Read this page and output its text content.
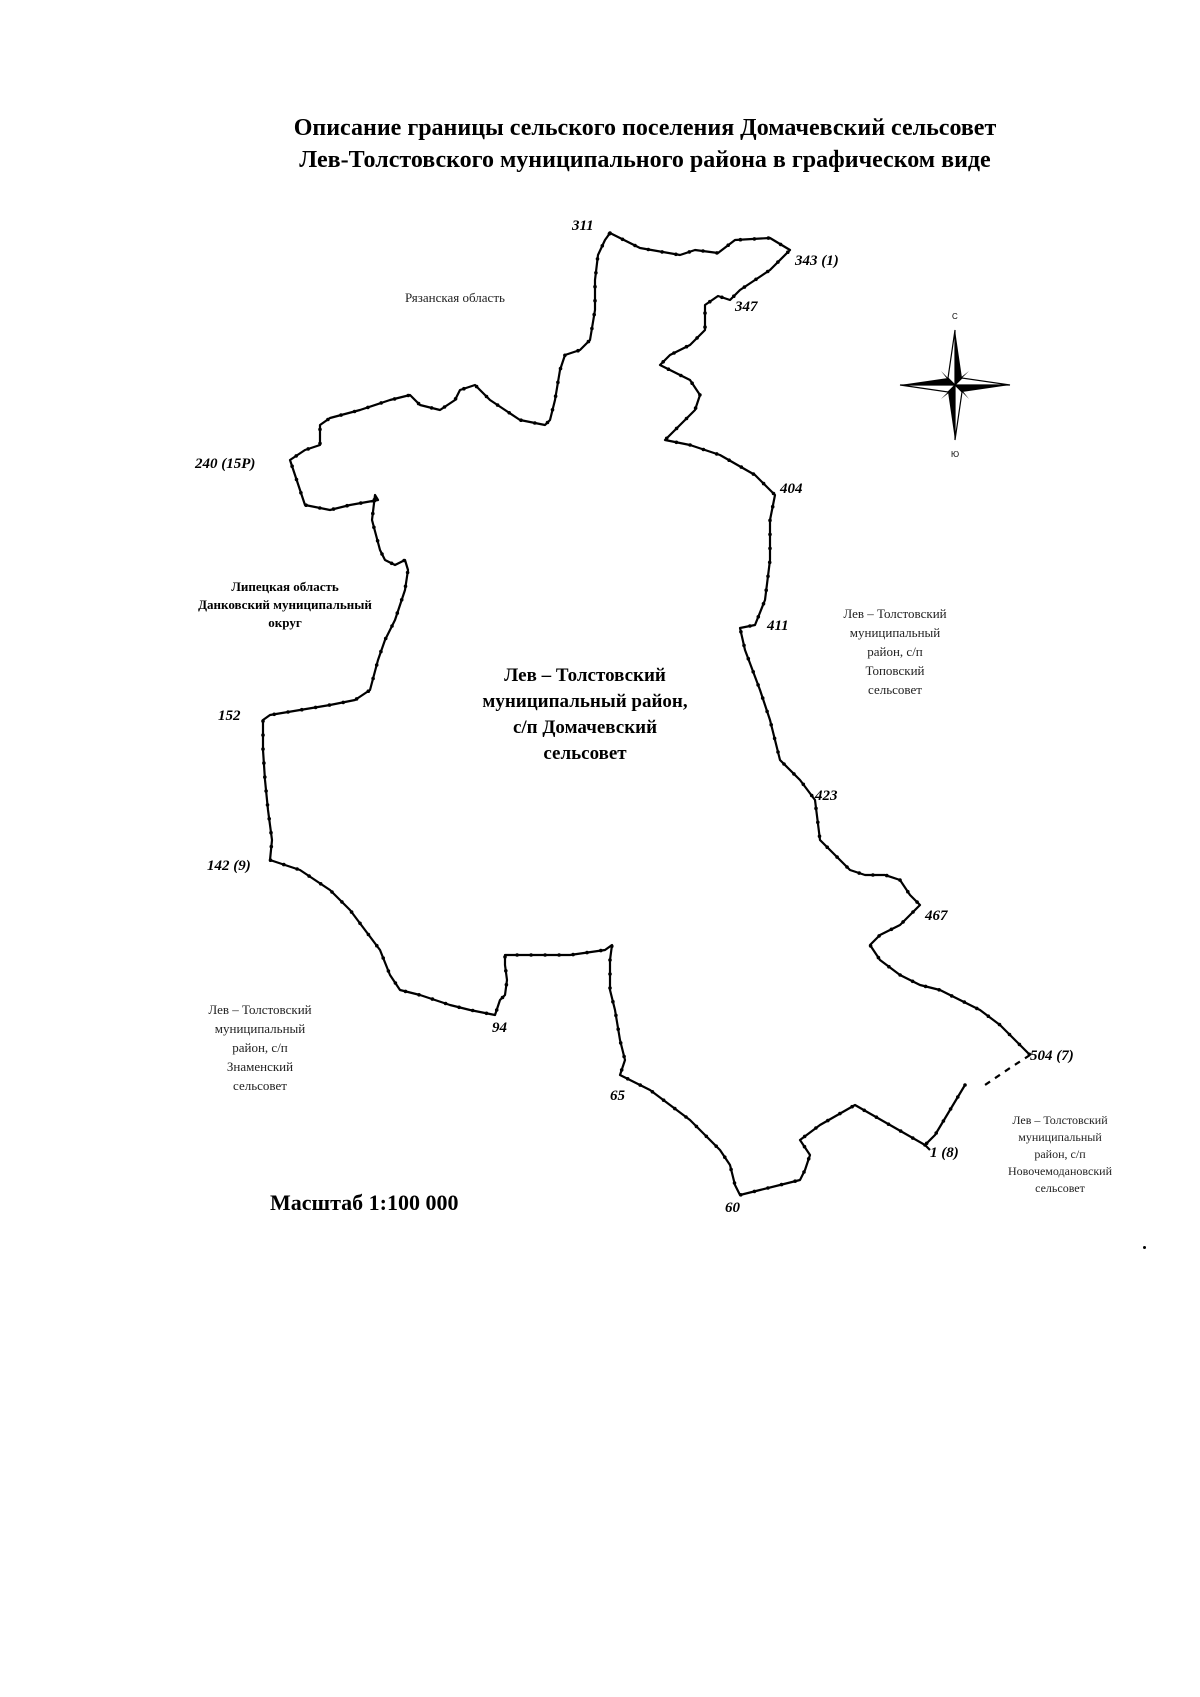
Описание границы сельского поселения Домачевский сельсовет
Лев-Толстовского муниципального района в графическом виде
311
343 (1)
347
240 (15Р)
404
411
152
423
142 (9)
467
94
504 (7)
65
1 (8)
60
С
Ю
Рязанская область
Липецкая область
Данковский муниципальный
округ
Лев – Толстовский
муниципальный район,
с/п Домачевский
сельсовет
Лев – Толстовский
муниципальный
район, с/п
Топовский
сельсовет
Лев – Толстовский
муниципальный
район, с/п
Знаменский
сельсовет
Лев – Толстовский
муниципальный
район, с/п
Новочемодановский
сельсовет
Масштаб 1:100 000
